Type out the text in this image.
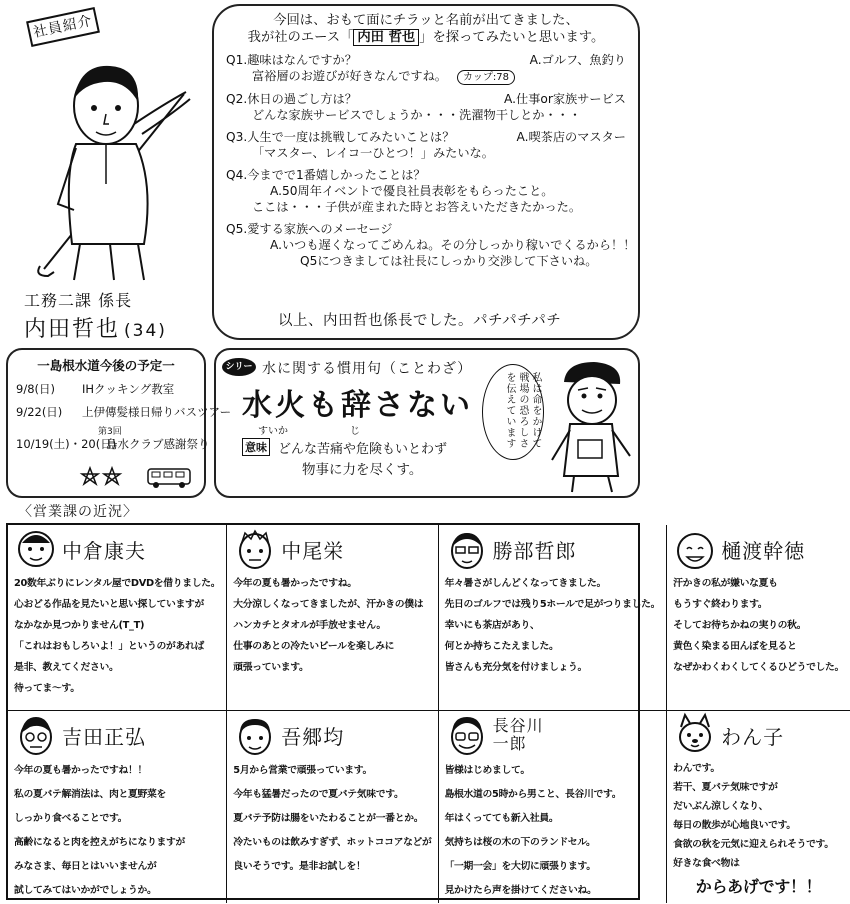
社員紹介
工務二課 係長
内田哲也 (34)
今回は、おもて面にチラッと名前が出てきました、
我が社のエース「 内田 哲也 」を探ってみたいと思います。
Q1.趣味はなんですか？	A.ゴルフ、魚釣り
富裕層のお遊びが好きなんですね。 カップ:78
Q2.休日の過ごし方は？	A.仕事or家族サービス
どんな家族サービスでしょうか・・・洗濯物干しとか・・・
Q3.人生で一度は挑戦してみたいことは？	A.喫茶店のマスター
「マスター、レイコ一ひとつ！」みたいな。
Q4.今までで1番嬉しかったことは？
A.50周年イベントで優良社員表彰をもらったこと。
ここは・・・子供が産まれた時とお答えいただきたかった。
Q5.愛する家族へのメーセージ
A.いつも遅くなってごめんね。その分しっかり稼いでくるから！！
Q5につきましては社長にしっかり交渉して下さいね。
以上、内田哲也係長でした。パチパチパチ
一島根水道今後の予定一
9/8(日) IHクッキング教室
9/22(日) 上伊傳髪様日帰りバスツアー
第3回
10/19(土)・20(日)島水クラブ感謝祭り
シリーズ
水に関する慣用句（ことわざ）
水火も辞さない
すいか	じ
意味 どんな苦痛や危険もいとわず
物事に力を尽くす。
私は命をかけて戦場の恐ろしさを伝えています
〈営業課の近況〉
中倉康夫

20数年ぶりにレンタル屋でDVDを借りました。

心おどる作品を見たいと思い探していますが

なかなか見つかりません(T_T)

「これはおもしろいよ！」というのがあれば

是非、教えてください。

待ってま～す。

中尾栄

今年の夏も暑かったですね。

大分涼しくなってきましたが、汗かきの僕は

ハンカチとタオルが手放せません。

仕事のあとの冷たいビールを楽しみに

頑張っています。

勝部哲郎

年々暑さがしんどくなってきました。

先日のゴルフでは残り5ホールで足がつりました。

幸いにも茶店があり、

何とか持ちこたえました。

皆さんも充分気を付けましょう。

樋渡幹徳

汗かきの私が嫌いな夏も

もうすぐ終わります。

そしてお待ちかねの実りの秋。

黄色く染まる田んぼを見ると

なぜかわくわくしてくるひどうでした。

吉田正弘

今年の夏も暑かったですね！！

私の夏バテ解消法は、肉と夏野菜を

しっかり食べることです。

高齢になると肉を控えがちになりますが

みなさま、毎日とはいいませんが

試してみてはいかがでしょうか。

吾郷均

5月から営業で頑張っています。

今年も猛暑だったので夏バテ気味です。

夏バテ予防は腸をいたわることが一番とか。

冷たいものは飲みすぎず、ホットココアなどが

良いそうです。是非お試しを！

長谷川一郎

皆様はじめまして。

島根水道の5時から男こと、長谷川です。

年はくってても新入社員。

気持ちは桜の木の下のランドセル。

「一期一会」を大切に頑張ります。

見かけたら声を掛けてくださいね。

わん子

わんです。

若干、夏バテ気味ですが

だいぶん涼しくなり、

毎日の散歩が心地良いです。

食欲の秋を元気に迎えられそうです。

好きな食べ物は

からあげです！！
